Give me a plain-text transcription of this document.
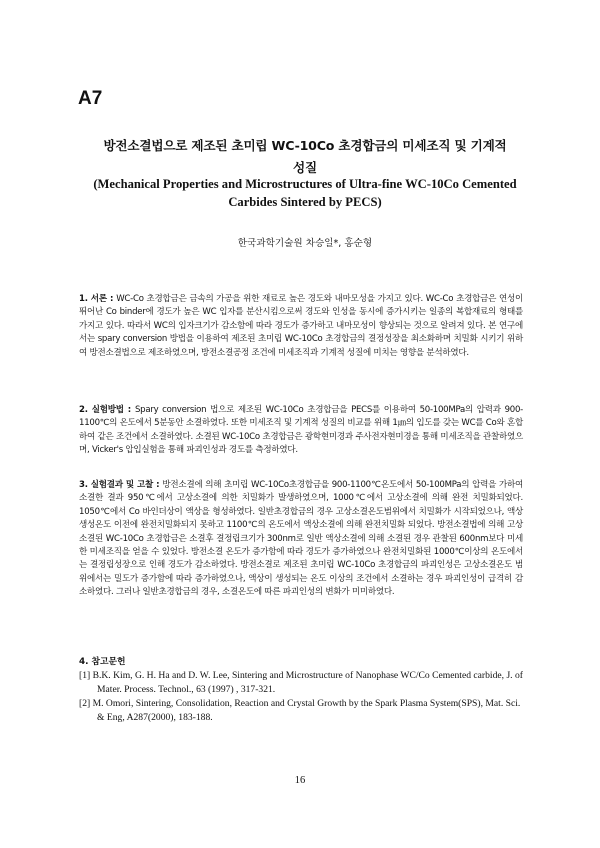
A7
방전소결법으로 제조된 초미립 WC-10Co 초경합금의 미세조직 및 기계적
성질
(Mechanical Properties and Microstructures of Ultra-fine WC-10Co Cemented
Carbides Sintered by PECS)
한국과학기술원 차승일*, 홍순형

1. 서론 : WC-Co 초경합금은 금속의 가공을 위한 재료로 높은 경도와 내마모성을 가지고 있다. WC-Co 초경합금은 연성이 뛰어난 Co binder에 경도가 높은 WC 입자를 분산시킴으로써 경도와 인성을 동시에 증가시키는 일종의 복합재료의 형태를 가지고 있다. 따라서 WC의 입자크기가 감소함에 따라 경도가 증가하고 내마모성이 향상되는 것으로 알려져 있다. 본 연구에서는 spary conversion 방법을 이용하여 제조된 초미립 WC-10Co 초경합금의 결정성장을 최소화하며 치밀화 시키기 위하여 방전소결법으로 제조하였으며, 방전소결공정 조건에 미세조직과 기계적 성질에 미치는 영향을 분석하였다.

2. 실험방법 : Spary conversion 법으로 제조된 WC-10Co 초경합금을 PECS를 이용하여 50-100MPa의 압력과 900-1100℃의 온도에서 5분동안 소결하였다. 또한 미세조직 및 기계적 성질의 비교를 위해 1㎛의 입도를 갖는 WC를 Co와 혼합하여 같은 조건에서 소결하였다. 소결된 WC-10Co 초경합금은 광학현미경과 주사전자현미경을 통해 미세조직을 관찰하였으며, Vicker's 압입실험을 통해 파괴인성과 경도를 측정하였다.

3. 실험결과 및 고찰 : 방전소결에 의해 초미립 WC-10Co초경합금을 900-1100℃온도에서 50-100MPa의 압력을 가하여 소결한 결과 950℃에서 고상소결에 의한 치밀화가 발생하였으며, 1000℃에서 고상소결에 의해 완전 치밀화되었다. 1050℃에서 Co 바인더상이 액상을 형성하였다. 일반초경합금의 경우 고상소결온도범위에서 치밀화가 시작되었으나, 액상생성온도 이전에 완전치밀화되지 못하고 1100℃의 온도에서 액상소결에 의해 완전치밀화 되었다. 방전소결법에 의해 고상소결된 WC-10Co 초경합금은 소결후 결정립크기가 300nm로 일반 액상소결에 의해 소결된 경우 관찰된 600nm보다 미세한 미세조직을 얻을 수 있었다. 방전소결 온도가 증가함에 따라 경도가 증가하였으나 완전치밀화된 1000℃이상의 온도에서는 결정립성장으로 인해 경도가 감소하였다. 방전소결로 제조된 초미립 WC-10Co 초경합금의 파괴인성은 고상소결온도 범위에서는 밀도가 증가함에 따라 증가하였으나, 액상이 생성되는 온도 이상의 조건에서 소결하는 경우 파괴인성이 급격히 감소하였다. 그러나 일반초경합금의 경우, 소결온도에 따른 파괴인성의 변화가 미미하였다.

4. 참고문헌
[1] B.K. Kim, G. H. Ha and D. W. Lee, Sintering and Microstructure of Nanophase WC/Co Cemented carbide, J. of Mater. Process. Technol., 63 (1997) , 317-321.
[2] M. Omori, Sintering, Consolidation, Reaction and Crystal Growth by the Spark Plasma System(SPS), Mat. Sci. & Eng, A287(2000), 183-188.
16
